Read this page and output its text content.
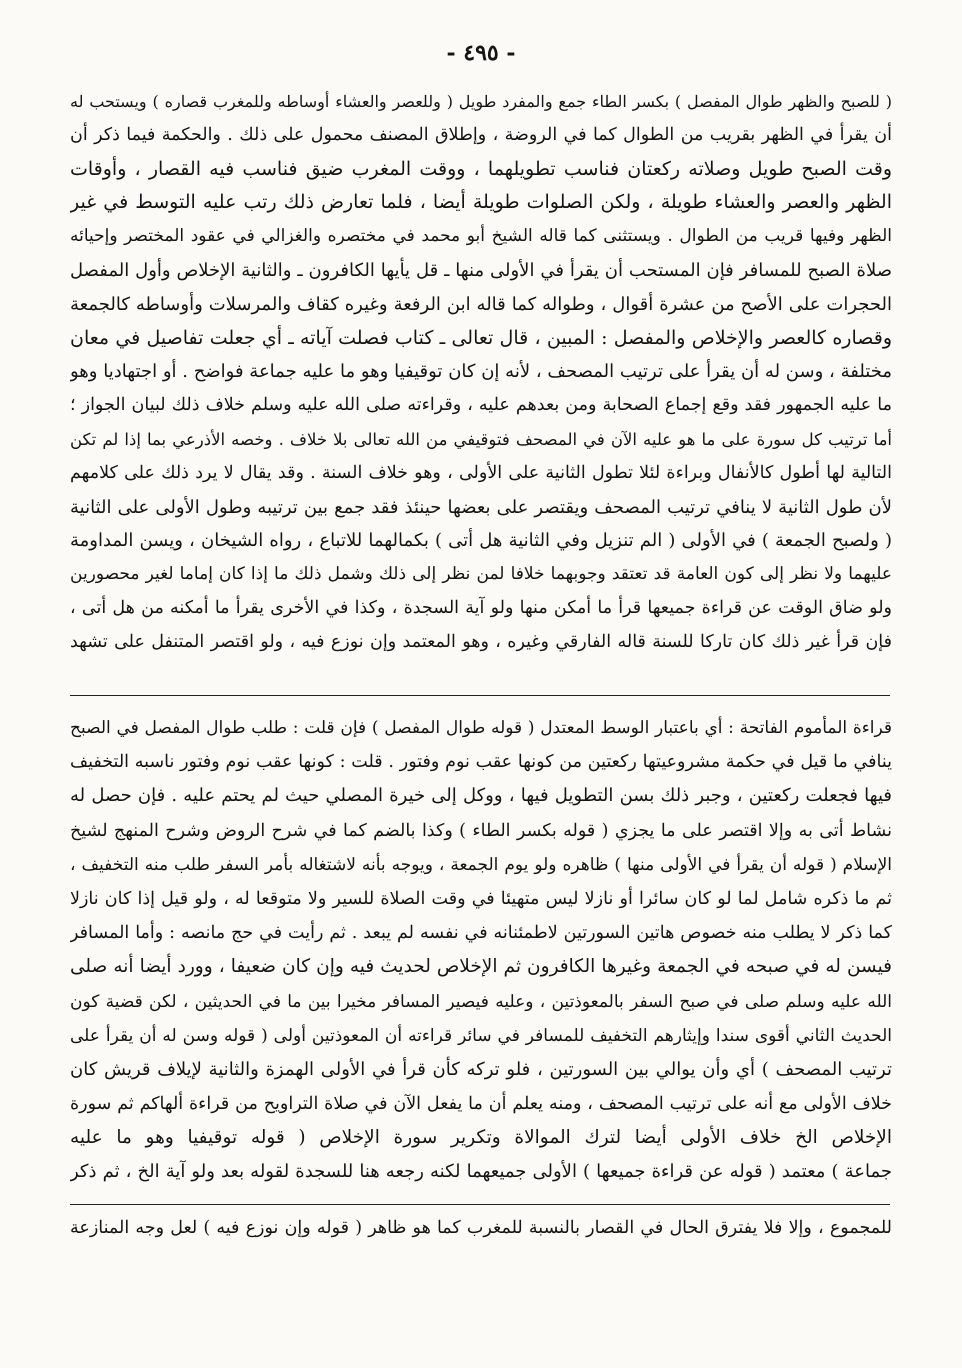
- ٤٩٥ -
( للصبح والظهر طوال المفصل ) بكسر الطاء جمع والمفرد طويل ( وللعصر والعشاء أوساطه وللمغرب قصاره ) ويستحب له
أن يقرأ في الظهر بقريب من الطوال كما في الروضة ، وإطلاق المصنف محمول على ذلك . والحكمة فيما ذكر أن
وقت الصبح طويل وصلاته ركعتان فناسب تطويلهما ، ووقت المغرب ضيق فناسب فيه القصار ، وأوقات
الظهر والعصر والعشاء طويلة ، ولكن الصلوات طويلة أيضا ، فلما تعارض ذلك رتب عليه التوسط في غير
الظهر وفيها قريب من الطوال . ويستثنى كما قاله الشيخ أبو محمد في مختصره والغزالي في عقود المختصر وإحيائه
صلاة الصبح للمسافر فإن المستحب أن يقرأ في الأولى منها ـ قل يأيها الكافرون ـ والثانية الإخلاص وأول المفصل
الحجرات على الأصح من عشرة أقوال ، وطواله كما قاله ابن الرفعة وغيره كقاف والمرسلات وأوساطه كالجمعة
وقصاره كالعصر والإخلاص والمفصل : المبين ، قال تعالى ـ كتاب فصلت آياته ـ أي جعلت تفاصيل في معان
مختلفة ، وسن له أن يقرأ على ترتيب المصحف ، لأنه إن كان توقيفيا وهو ما عليه جماعة فواضح . أو اجتهاديا وهو
ما عليه الجمهور فقد وقع إجماع الصحابة ومن بعدهم عليه ، وقراءته صلى الله عليه وسلم خلاف ذلك لبيان الجواز ؛
أما ترتيب كل سورة على ما هو عليه الآن في المصحف فتوقيفي من الله تعالى بلا خلاف . وخصه الأذرعي بما إذا لم تكن
التالية لها أطول كالأنفال وبراءة لئلا تطول الثانية على الأولى ، وهو خلاف السنة . وقد يقال لا يرد ذلك على كلامهم
لأن طول الثانية لا ينافي ترتيب المصحف ويقتصر على بعضها حينئذ فقد جمع بين ترتيبه وطول الأولى على الثانية
( ولصبح الجمعة ) في الأولى ( الم تنزيل وفي الثانية هل أتى ) بكمالهما للاتباع ، رواه الشيخان ، ويسن المداومة
عليهما ولا نظر إلى كون العامة قد تعتقد وجوبهما خلافا لمن نظر إلى ذلك وشمل ذلك ما إذا كان إماما لغير محصورين
ولو ضاق الوقت عن قراءة جميعها قرأ ما أمكن منها ولو آية السجدة ، وكذا في الأخرى يقرأ ما أمكنه من هل أتى ،
فإن قرأ غير ذلك كان تاركا للسنة قاله الفارقي وغيره ، وهو المعتمد وإن نوزع فيه ، ولو اقتصر المتنفل على تشهد
قراءة المأموم الفاتحة : أي باعتبار الوسط المعتدل ( قوله طوال المفصل ) فإن قلت : طلب طوال المفصل في الصبح
ينافي ما قيل في حكمة مشروعيتها ركعتين من كونها عقب نوم وفتور . قلت : كونها عقب نوم وفتور ناسبه التخفيف
فيها فجعلت ركعتين ، وجبر ذلك بسن التطويل فيها ، ووكل إلى خيرة المصلي حيث لم يحتم عليه . فإن حصل له
نشاط أتى به وإلا اقتصر على ما يجزي ( قوله بكسر الطاء ) وكذا بالضم كما في شرح الروض وشرح المنهج لشيخ
الإسلام ( قوله أن يقرأ في الأولى منها ) ظاهره ولو يوم الجمعة ، ويوجه بأنه لاشتغاله بأمر السفر طلب منه التخفيف ،
ثم ما ذكره شامل لما لو كان سائرا أو نازلا ليس متهيئا في وقت الصلاة للسير ولا متوقعا له ، ولو قيل إذا كان نازلا
كما ذكر لا يطلب منه خصوص هاتين السورتين لاطمئنانه في نفسه لم يبعد . ثم رأيت في حج مانصه : وأما المسافر
فيسن له في صبحه في الجمعة وغيرها الكافرون ثم الإخلاص لحديث فيه وإن كان ضعيفا ، وورد أيضا أنه صلى
الله عليه وسلم صلى في صبح السفر بالمعوذتين ، وعليه فيصير المسافر مخيرا بين ما في الحديثين ، لكن قضية كون
الحديث الثاني أقوى سندا وإيثارهم التخفيف للمسافر في سائر قراءته أن المعوذتين أولى ( قوله وسن له أن يقرأ على
ترتيب المصحف ) أي وأن يوالي بين السورتين ، فلو تركه كأن قرأ في الأولى الهمزة والثانية لإيلاف قريش كان
خلاف الأولى مع أنه على ترتيب المصحف ، ومنه يعلم أن ما يفعل الآن في صلاة التراويح من قراءة ألهاكم ثم سورة
الإخلاص الخ خلاف الأولى أيضا لترك الموالاة وتكرير سورة الإخلاص ( قوله توقيفيا وهو ما عليه
جماعة ) معتمد ( قوله عن قراءة جميعها ) الأولى جميعهما لكنه رجعه هنا للسجدة لقوله بعد ولو آية الخ ، ثم ذكر
للمجموع ، وإلا فلا يفترق الحال في القصار بالنسبة للمغرب كما هو ظاهر ( قوله وإن نوزع فيه ) لعل وجه المنازعة
